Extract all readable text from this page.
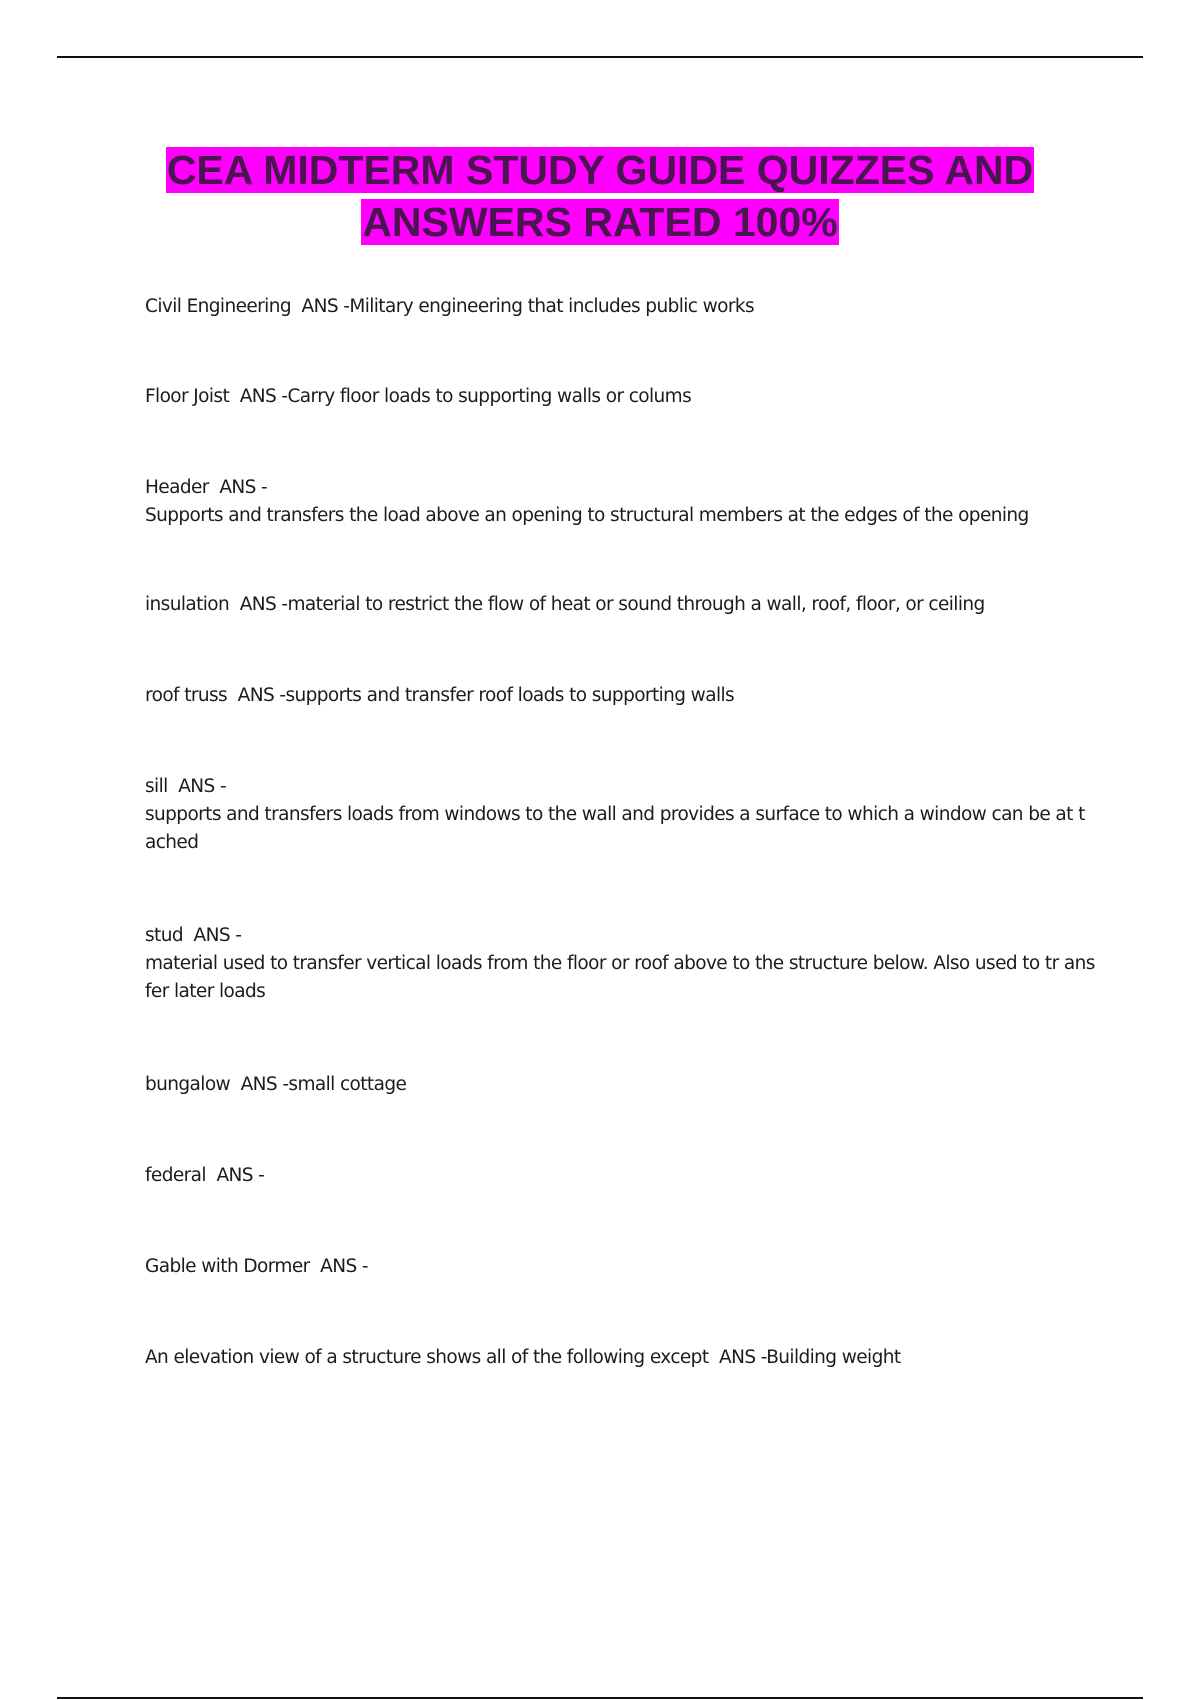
CEA MIDTERM STUDY GUIDE QUIZZES AND
ANSWERS RATED 100%
Civil Engineering ANS -Military engineering that includes public works
Floor Joist ANS -Carry floor loads to supporting walls or colums
Header ANS -
Supports and transfers the load above an opening to structural members at the edges of the opening
insulation ANS -material to restrict the flow of heat or sound through a wall, roof, floor, or ceiling
roof truss ANS -supports and transfer roof loads to supporting walls
sill ANS -
supports and transfers loads from windows to the wall and provides a surface to which a window can be at tached
stud ANS -
material used to transfer vertical loads from the floor or roof above to the structure below. Also used to tr ansfer later loads
bungalow ANS -small cottage
federal ANS -
Gable with Dormer ANS -
An elevation view of a structure shows all of the following except ANS -Building weight
